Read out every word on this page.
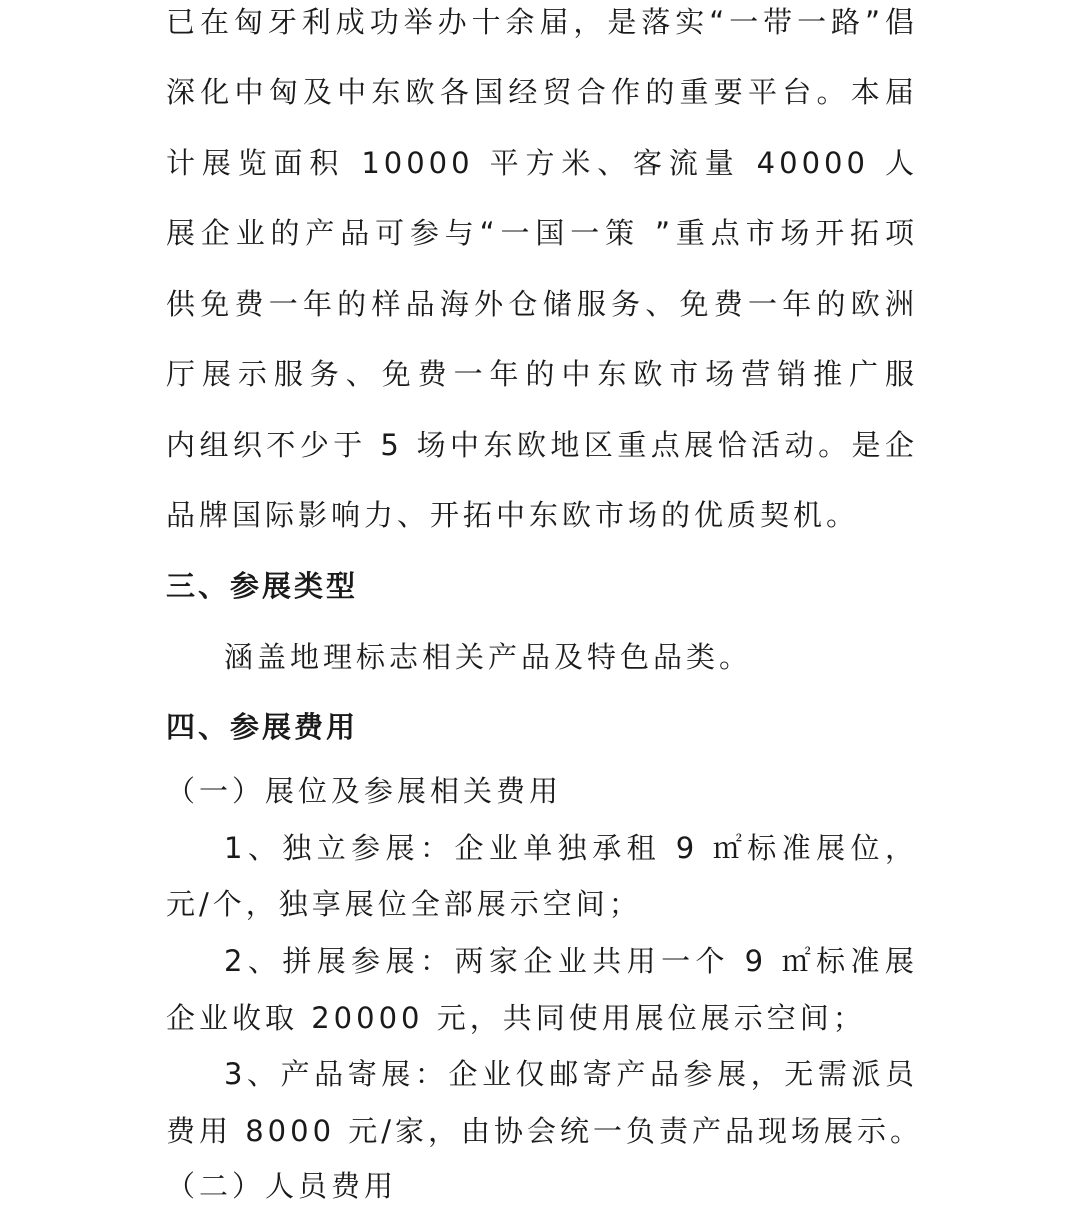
已在匈牙利成功举办十余届，是落实“一带一路”倡
深化中匈及中东欧各国经贸合作的重要平台。本届
计展览面积 10000 平方米、客流量 40000 人
展企业的产品可参与“一国一策 ”重点市场开拓项
供免费一年的样品海外仓储服务、免费一年的欧洲
厅展示服务、免费一年的中东欧市场营销推广服
内组织不少于 5 场中东欧地区重点展恰活动。是企
品牌国际影响力、开拓中东欧市场的优质契机。
三、参展类型
涵盖地理标志相关产品及特色品类。
四、参展费用
（一）展位及参展相关费用
1、独立参展：企业单独承租 9 ㎡标准展位，
元/个，独享展位全部展示空间；
2、拼展参展：两家企业共用一个 9 ㎡标准展
企业收取 20000 元，共同使用展位展示空间；
3、产品寄展：企业仅邮寄产品参展，无需派员
费用 8000 元/家，由协会统一负责产品现场展示。
（二）人员费用
